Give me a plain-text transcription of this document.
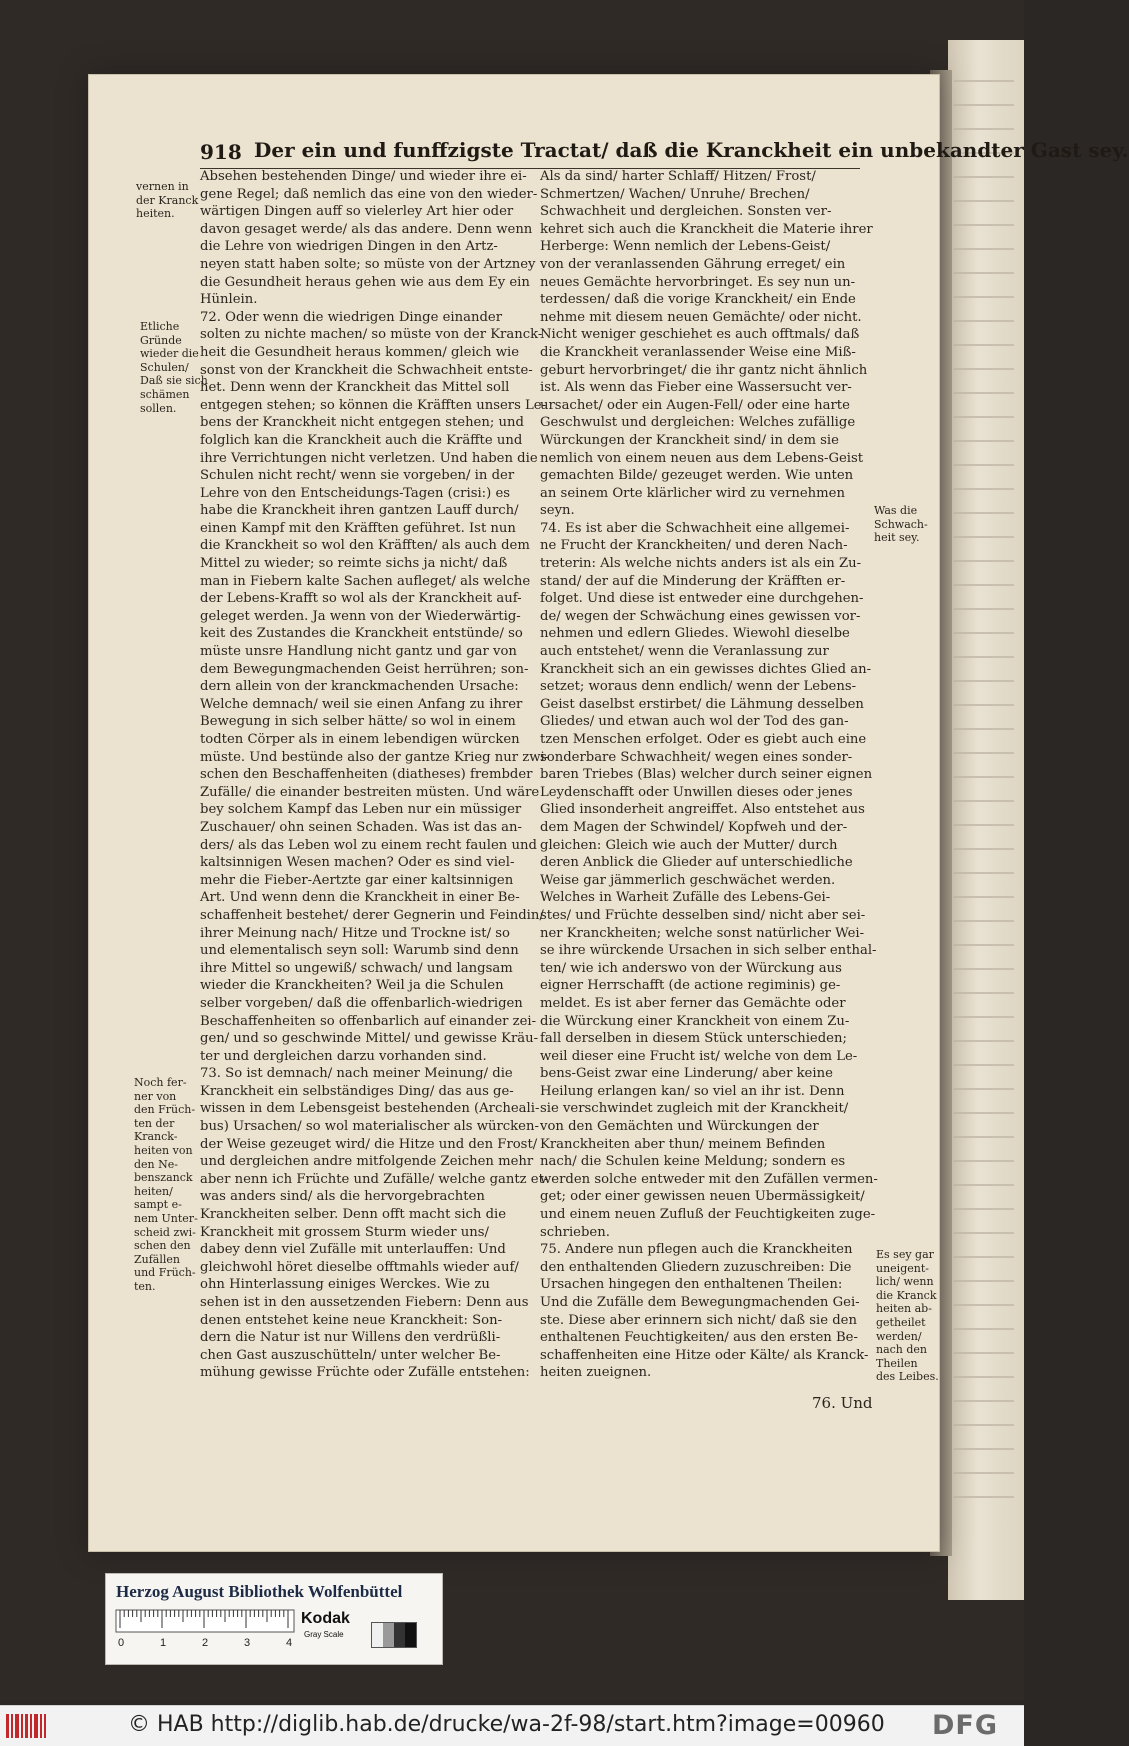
918 Der ein und funffzigste Tractat/ daß die Kranckheit ein unbekandter Gast sey.
Absehen bestehenden Dinge/ und wieder ihre ei-
gene Regel; daß nemlich das eine von den wieder-
wärtigen Dingen auff so vielerley Art hier oder
davon gesaget werde/ als das andere. Denn wenn
die Lehre von wiedrigen Dingen in den Artz-
neyen statt haben solte; so müste von der Artzney
die Gesundheit heraus gehen wie aus dem Ey ein
Hünlein.
72. Oder wenn die wiedrigen Dinge einander
solten zu nichte machen/ so müste von der Kranck-
heit die Gesundheit heraus kommen/ gleich wie
sonst von der Kranckheit die Schwachheit entste-
het. Denn wenn der Kranckheit das Mittel soll
entgegen stehen; so können die Kräfften unsers Le-
bens der Kranckheit nicht entgegen stehen; und
folglich kan die Kranckheit auch die Kräffte und
ihre Verrichtungen nicht verletzen. Und haben die
Schulen nicht recht/ wenn sie vorgeben/ in der
Lehre von den Entscheidungs-Tagen (crisi:) es
habe die Kranckheit ihren gantzen Lauff durch/
einen Kampf mit den Kräfften geführet. Ist nun
die Kranckheit so wol den Kräfften/ als auch dem
Mittel zu wieder; so reimte sichs ja nicht/ daß
man in Fiebern kalte Sachen aufleget/ als welche
der Lebens-Krafft so wol als der Kranckheit auf-
geleget werden. Ja wenn von der Wiederwärtig-
keit des Zustandes die Kranckheit entstünde/ so
müste unsre Handlung nicht gantz und gar von
dem Bewegungmachenden Geist herrühren; son-
dern allein von der kranckmachenden Ursache:
Welche demnach/ weil sie einen Anfang zu ihrer
Bewegung in sich selber hätte/ so wol in einem
todten Cörper als in einem lebendigen würcken
müste. Und bestünde also der gantze Krieg nur zwi-
schen den Beschaffenheiten (diatheses) frembder
Zufälle/ die einander bestreiten müsten. Und wäre
bey solchem Kampf das Leben nur ein müssiger
Zuschauer/ ohn seinen Schaden. Was ist das an-
ders/ als das Leben wol zu einem recht faulen und
kaltsinnigen Wesen machen? Oder es sind viel-
mehr die Fieber-Aertzte gar einer kaltsinnigen
Art. Und wenn denn die Kranckheit in einer Be-
schaffenheit bestehet/ derer Gegnerin und Feindin/
ihrer Meinung nach/ Hitze und Trockne ist/ so
und elementalisch seyn soll: Warumb sind denn
ihre Mittel so ungewiß/ schwach/ und langsam
wieder die Kranckheiten? Weil ja die Schulen
selber vorgeben/ daß die offenbarlich-wiedrigen
Beschaffenheiten so offenbarlich auf einander zei-
gen/ und so geschwinde Mittel/ und gewisse Kräu-
ter und dergleichen darzu vorhanden sind.
73. So ist demnach/ nach meiner Meinung/ die
Kranckheit ein selbständiges Ding/ das aus ge-
wissen in dem Lebensgeist bestehenden (Archeali-
bus) Ursachen/ so wol materialischer als würcken-
der Weise gezeuget wird/ die Hitze und den Frost/
und dergleichen andre mitfolgende Zeichen mehr
aber nenn ich Früchte und Zufälle/ welche gantz et-
was anders sind/ als die hervorgebrachten
Kranckheiten selber. Denn offt macht sich die
Kranckheit mit grossem Sturm wieder uns/
dabey denn viel Zufälle mit unterlauffen: Und
gleichwohl höret dieselbe offtmahls wieder auf/
ohn Hinterlassung einiges Werckes. Wie zu
sehen ist in den aussetzenden Fiebern: Denn aus
denen entstehet keine neue Kranckheit: Son-
dern die Natur ist nur Willens den verdrüßli-
chen Gast auszuschütteln/ unter welcher Be-
mühung gewisse Früchte oder Zufälle entstehen:
Als da sind/ harter Schlaff/ Hitzen/ Frost/
Schmertzen/ Wachen/ Unruhe/ Brechen/
Schwachheit und dergleichen. Sonsten ver-
kehret sich auch die Kranckheit die Materie ihrer
Herberge: Wenn nemlich der Lebens-Geist/
von der veranlassenden Gährung erreget/ ein
neues Gemächte hervorbringet. Es sey nun un-
terdessen/ daß die vorige Kranckheit/ ein Ende
nehme mit diesem neuen Gemächte/ oder nicht.
Nicht weniger geschiehet es auch offtmals/ daß
die Kranckheit veranlassender Weise eine Miß-
geburt hervorbringet/ die ihr gantz nicht ähnlich
ist. Als wenn das Fieber eine Wassersucht ver-
ursachet/ oder ein Augen-Fell/ oder eine harte
Geschwulst und dergleichen: Welches zufällige
Würckungen der Kranckheit sind/ in dem sie
nemlich von einem neuen aus dem Lebens-Geist
gemachten Bilde/ gezeuget werden. Wie unten
an seinem Orte klärlicher wird zu vernehmen
seyn.
74. Es ist aber die Schwachheit eine allgemei-
ne Frucht der Kranckheiten/ und deren Nach-
treterin: Als welche nichts anders ist als ein Zu-
stand/ der auf die Minderung der Kräfften er-
folget. Und diese ist entweder eine durchgehen-
de/ wegen der Schwächung eines gewissen vor-
nehmen und edlern Gliedes. Wiewohl dieselbe
auch entstehet/ wenn die Veranlassung zur
Kranckheit sich an ein gewisses dichtes Glied an-
setzet; woraus denn endlich/ wenn der Lebens-
Geist daselbst erstirbet/ die Lähmung desselben
Gliedes/ und etwan auch wol der Tod des gan-
tzen Menschen erfolget. Oder es giebt auch eine
sonderbare Schwachheit/ wegen eines sonder-
baren Triebes (Blas) welcher durch seiner eignen
Leydenschafft oder Unwillen dieses oder jenes
Glied insonderheit angreiffet. Also entstehet aus
dem Magen der Schwindel/ Kopfweh und der-
gleichen: Gleich wie auch der Mutter/ durch
deren Anblick die Glieder auf unterschiedliche
Weise gar jämmerlich geschwächet werden.
Welches in Warheit Zufälle des Lebens-Gei-
stes/ und Früchte desselben sind/ nicht aber sei-
ner Kranckheiten; welche sonst natürlicher Wei-
se ihre würckende Ursachen in sich selber enthal-
ten/ wie ich anderswo von der Würckung aus
eigner Herrschafft (de actione regiminis) ge-
meldet. Es ist aber ferner das Gemächte oder
die Würckung einer Kranckheit von einem Zu-
fall derselben in diesem Stück unterschieden;
weil dieser eine Frucht ist/ welche von dem Le-
bens-Geist zwar eine Linderung/ aber keine
Heilung erlangen kan/ so viel an ihr ist. Denn
sie verschwindet zugleich mit der Kranckheit/
von den Gemächten und Würckungen der
Kranckheiten aber thun/ meinem Befinden
nach/ die Schulen keine Meldung; sondern es
werden solche entweder mit den Zufällen vermen-
get; oder einer gewissen neuen Ubermässigkeit/
und einem neuen Zufluß der Feuchtigkeiten zuge-
schrieben.
75. Andere nun pflegen auch die Kranckheiten
den enthaltenden Gliedern zuzuschreiben: Die
Ursachen hingegen den enthaltenen Theilen:
Und die Zufälle dem Bewegungmachenden Gei-
ste. Diese aber erinnern sich nicht/ daß sie den
enthaltenen Feuchtigkeiten/ aus den ersten Be-
schaffenheiten eine Hitze oder Kälte/ als Kranck-
heiten zueignen.
vernen in
der Kranck
heiten.
Etliche
Gründe
wieder die
Schulen/
Daß sie sich
schämen
sollen.
Noch fer-
ner von
den Früch-
ten der
Kranck-
heiten von
den Ne-
benszanck
heiten/
sampt e-
nem Unter-
scheid zwi-
schen den
Zufällen
und Früch-
ten.
Was die
Schwach-
heit sey.
Es sey gar
uneigent-
lich/ wenn
die Kranck
heiten ab-
getheilet
werden/
nach den
Theilen
des Leibes.
76. Und
Herzog August Bibliothek Wolfenbüttel
0	1	2	3	4
Kodak
Gray Scale
© HAB http://diglib.hab.de/drucke/wa-2f-98/start.htm?image=00960 DFG
